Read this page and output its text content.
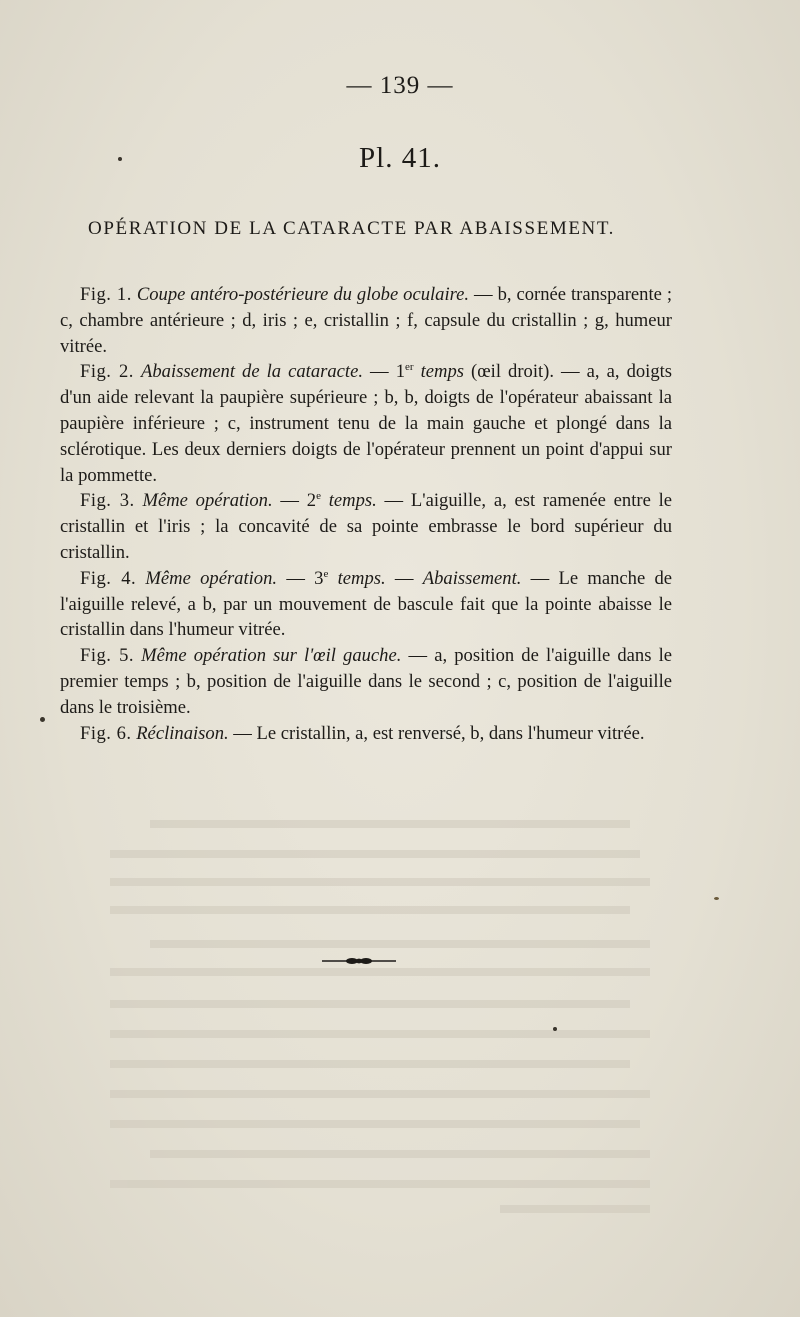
— 139 —
Pl. 41.
OPÉRATION DE LA CATARACTE PAR ABAISSEMENT.

Fig. 1. Coupe antéro-postérieure du globe oculaire. — b, cornée transparente ; c, chambre antérieure ; d, iris ; e, cristallin ; f, capsule du cristallin ; g, humeur vitrée.

Fig. 2. Abaissement de la cataracte. — 1er temps (œil droit). — a, a, doigts d'un aide relevant la paupière supérieure ; b, b, doigts de l'opérateur abaissant la paupière inférieure ; c, instrument tenu de la main gauche et plongé dans la sclérotique. Les deux derniers doigts de l'opérateur prennent un point d'appui sur la pommette.

Fig. 3. Même opération. — 2e temps. — L'aiguille, a, est ramenée entre le cristallin et l'iris ; la concavité de sa pointe embrasse le bord supérieur du cristallin.

Fig. 4. Même opération. — 3e temps. — Abaissement. — Le manche de l'aiguille relevé, a b, par un mouvement de bascule fait que la pointe abaisse le cristallin dans l'humeur vitrée.

Fig. 5. Même opération sur l'œil gauche. — a, position de l'aiguille dans le premier temps ; b, position de l'aiguille dans le second ; c, position de l'aiguille dans le troisième.

Fig. 6. Réclinaison. — Le cristallin, a, est renversé, b, dans l'humeur vitrée.
